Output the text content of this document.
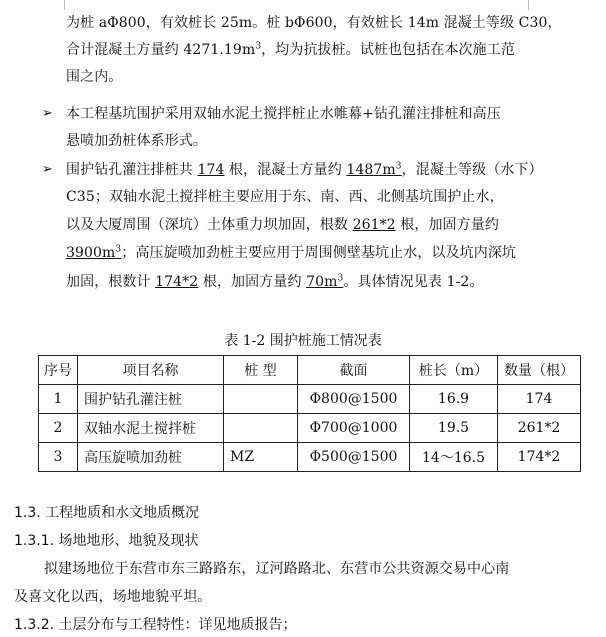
为桩 aΦ800，有效桩长 25m。桩 bΦ600，有效桩长 14m 混凝土等级 C30，
合计混凝土方量约 $4271.19m^3$，均为抗拔桩。试桩也包括在本次施工范
围之内。
➢ 本工程基坑围护采用双轴水泥土搅拌桩止水帷幕+钻孔灌注排桩和高压
悬喷加劲桩体系形式。
➢ 围护钻孔灌注排桩共 174 根，混凝土方量约 $1487m^3$，混凝土等级（水下）
C35；双轴水泥土搅拌桩主要应用于东、南、西、北侧基坑围护止水，
以及大厦周围（深坑）土体重力坝加固，根数 261*2 根，加固方量约
$3900m^3$；高压旋喷加劲桩主要应用于周围侧壁基坑止水，以及坑内深坑
加固，根数计 174*2 根，加固方量约 $70m^3$。具体情况见表 1-2。
表 1-2 围护桩施工情况表
序号	项目名称	桩 型	截面	桩长（m）	数量（根）
1	围护钻孔灌注桩		Φ800@1500	16.9	174
2	双轴水泥土搅拌桩		Φ700@1000	19.5	261*2
3	高压旋喷加劲桩	MZ	Φ500@1500	14～16.5	174*2
1.3. 工程地质和水文地质概况
1.3.1. 场地地形、地貌及现状
拟建场地位于东营市东三路路东，辽河路路北、东营市公共资源交易中心南
及喜文化以西，场地地貌平坦。
1.3.2. 土层分布与工程特性：详见地质报告；
